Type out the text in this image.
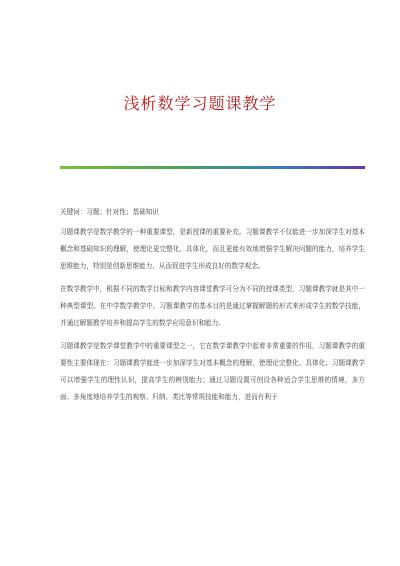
浅析数学习题课教学

关键词：习题；针对性；基础知识

习题课教学是数学教学的一种重要课型，是新授课的重要补充。习题课教学不仅能进一步加深学生对基本概念和基础知识的理解，使理论更完整化、具体化，而且更能有效地增强学生解决问题的能力，培养学生思维能力，特别是创新思维能力，从而促进学生形成良好的数学观念。

在数学教学中，根据不同的数学目标和教学内容课堂教学可分为不同的授课类型，习题课教学就是其中一种典型课型。在中学数学教学中，习题课教学的基本目的是通过掌握解题的形式来形成学生的数学技能，并通过解题教学培养和提高学生的数学应用意识和能力。

习题课教学是数学课堂教学中的重要课型之一，它在数学课教学中起着非常重要的作用，习题课教学的重要性主要体现在：习题课教学能进一步加深学生对基本概念的理解，使理论完整化、具体化；习题课教学可以增强学生的理性认识，提高学生的辨别能力；通过习题设置可创设各种适合学生思维的情境，多方面、多角度地培养学生的观察、归纳、类比等常规技能和能力，进而有利于
